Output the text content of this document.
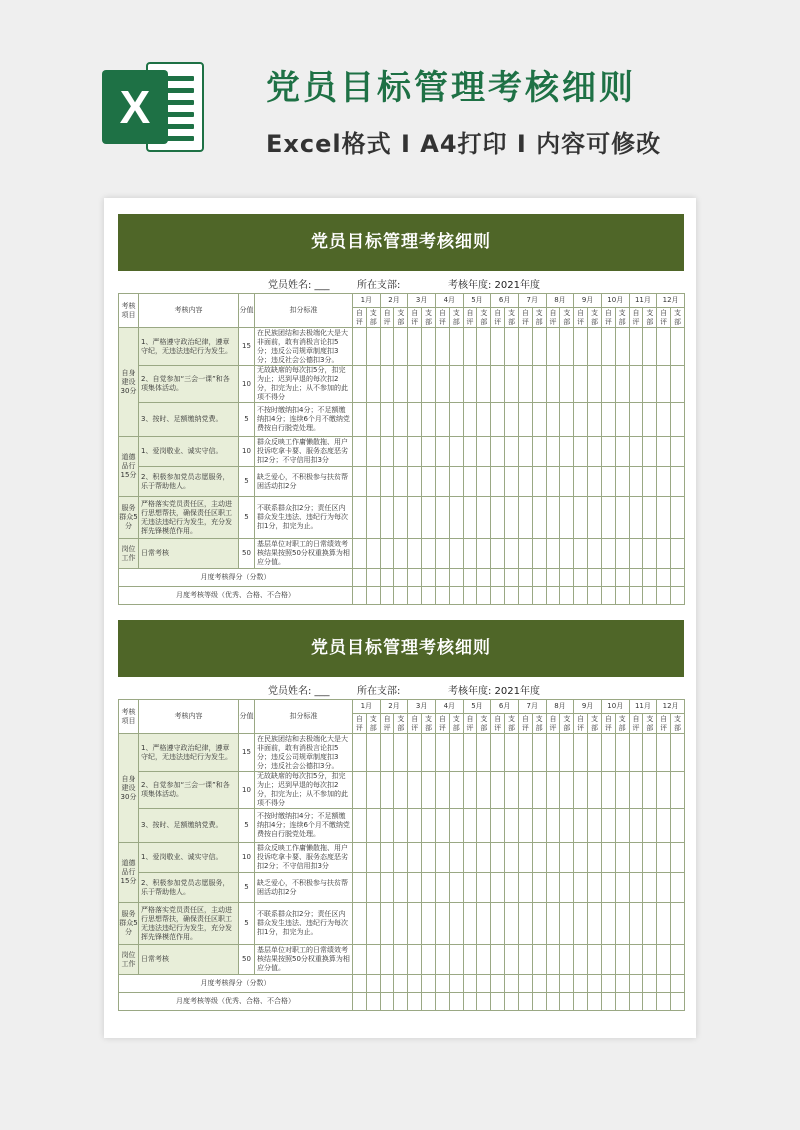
X	党员目标管理考核细则
Excel格式 I A4打印 I 内容可修改
党员目标管理考核细则
党员姓名: ___	所在支部:	考核年度: 2021年度
考核项目	考核内容	分值	扣分标准	1月		2月		3月		4月		5月		6月		7月		8月		9月		10月		11月		12月	
				自评	支部	自评	支部	自评	支部	自评	支部	自评	支部	自评	支部	自评	支部	自评	支部	自评	支部	自评	支部	自评	支部	自评	支部
自身建设30分	1、严格遵守政治纪律，遵章守纪，无违法违纪行为发生。	15	在民族团结和去极端化大是大非面前，敢有消极言论扣5分；违反公司规章制度扣3分；违反社会公德扣3分。																								
	2、自觉参加“三会一课”和各项集体活动。	10	无故缺席的每次扣5分，扣完为止；迟到早退的每次扣2分，扣完为止；从不参加的此项不得分																								
	3、按时、足额缴纳党费。	5	不按时缴纳扣4分；不足额缴纳扣4分；连续6个月不缴纳党费按自行脱党处理。																								
道德品行15分	1、爱岗敬业、诚实守信。	10	群众反映工作庸懒散拖、用户投诉吃拿卡要、服务态度恶劣扣2分；不守信用扣3分																								
	2、积极参加党员志愿服务，乐于帮助他人。	5	缺乏爱心，不积极参与扶贫帮困活动扣2分																								
服务群众5分	严格落实党员责任区，主动进行思想帮扶，确保责任区职工无违法违纪行为发生，充分发挥先锋模范作用。	5	不联系群众扣2分；责任区内群众发生违法、违纪行为每次扣1分，扣完为止。																								
岗位工作	日常考核	50	基层单位对职工的日常绩效考核结果按照50分权重换算为相应分值。																								
月度考核得分（分数）																											
月度考核等级（优秀、合格、不合格）																											
党员目标管理考核细则
党员姓名: ___	所在支部:	考核年度: 2021年度
考核项目	考核内容	分值	扣分标准	1月		2月		3月		4月		5月		6月		7月		8月		9月		10月		11月		12月	
				自评	支部	自评	支部	自评	支部	自评	支部	自评	支部	自评	支部	自评	支部	自评	支部	自评	支部	自评	支部	自评	支部	自评	支部
自身建设30分	1、严格遵守政治纪律，遵章守纪，无违法违纪行为发生。	15	在民族团结和去极端化大是大非面前，敢有消极言论扣5分；违反公司规章制度扣3分；违反社会公德扣3分。																								
	2、自觉参加“三会一课”和各项集体活动。	10	无故缺席的每次扣5分，扣完为止；迟到早退的每次扣2分，扣完为止；从不参加的此项不得分																								
	3、按时、足额缴纳党费。	5	不按时缴纳扣4分；不足额缴纳扣4分；连续6个月不缴纳党费按自行脱党处理。																								
道德品行15分	1、爱岗敬业、诚实守信。	10	群众反映工作庸懒散拖、用户投诉吃拿卡要、服务态度恶劣扣2分；不守信用扣3分																								
	2、积极参加党员志愿服务，乐于帮助他人。	5	缺乏爱心，不积极参与扶贫帮困活动扣2分																								
服务群众5分	严格落实党员责任区，主动进行思想帮扶，确保责任区职工无违法违纪行为发生，充分发挥先锋模范作用。	5	不联系群众扣2分；责任区内群众发生违法、违纪行为每次扣1分，扣完为止。																								
岗位工作	日常考核	50	基层单位对职工的日常绩效考核结果按照50分权重换算为相应分值。																								
月度考核得分（分数）																											
月度考核等级（优秀、合格、不合格）																											
